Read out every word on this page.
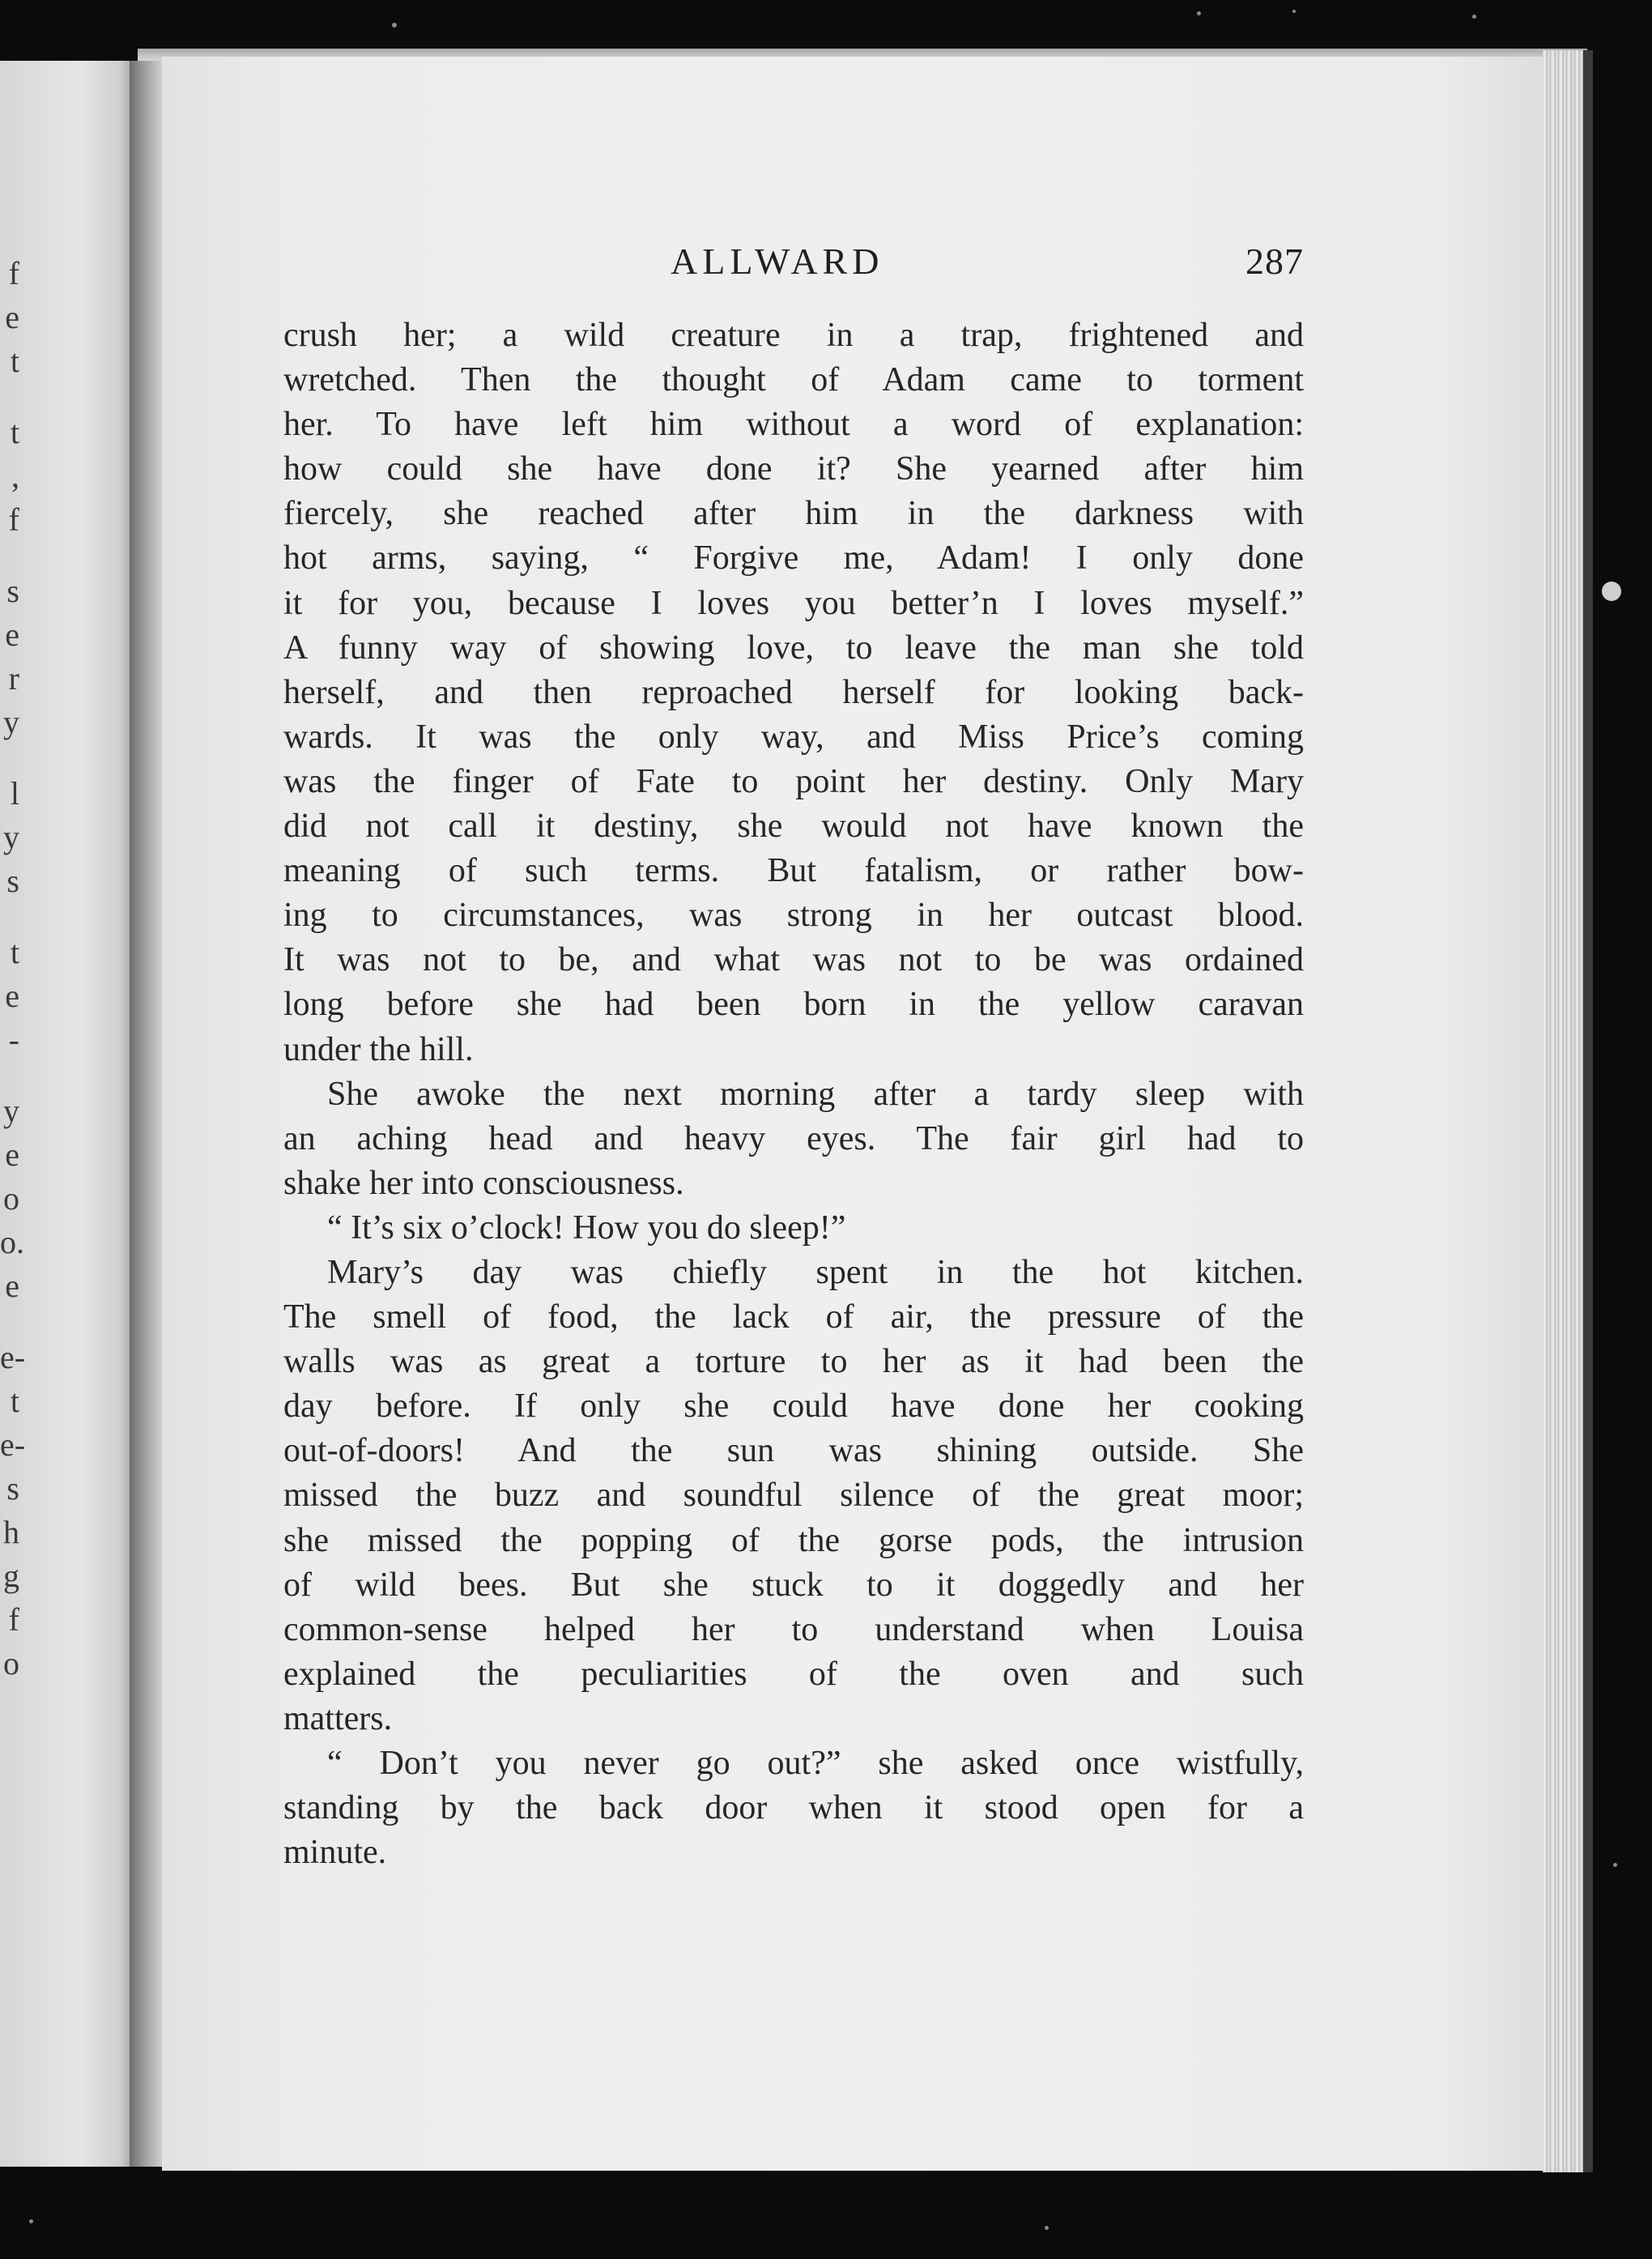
f
e
t
t
,
f
s
e
r
y
l
y
s
t
e
-
y
e
o
o.
e
e-
t
e-
s
h
g
f
o
ALLWARD	287
crush her; a wild creature in a trap, frightened and
wretched. Then the thought of Adam came to torment
her. To have left him without a word of explanation:
how could she have done it? She yearned after him
fiercely, she reached after him in the darkness with
hot arms, saying, “ Forgive me, Adam! I only done
it for you, because I loves you better’n I loves myself.”
A funny way of showing love, to leave the man she told
herself, and then reproached herself for looking back-
wards. It was the only way, and Miss Price’s coming
was the finger of Fate to point her destiny. Only Mary
did not call it destiny, she would not have known the
meaning of such terms. But fatalism, or rather bow-
ing to circumstances, was strong in her outcast blood.
It was not to be, and what was not to be was ordained
long before she had been born in the yellow caravan
under the hill.
She awoke the next morning after a tardy sleep with
an aching head and heavy eyes. The fair girl had to
shake her into consciousness.
“ It’s six o’clock! How you do sleep!”
Mary’s day was chiefly spent in the hot kitchen.
The smell of food, the lack of air, the pressure of the
walls was as great a torture to her as it had been the
day before. If only she could have done her cooking
out-of-doors! And the sun was shining outside. She
missed the buzz and soundful silence of the great moor;
she missed the popping of the gorse pods, the intrusion
of wild bees. But she stuck to it doggedly and her
common-sense helped her to understand when Louisa
explained the peculiarities of the oven and such
matters.
“ Don’t you never go out?” she asked once wistfully,
standing by the back door when it stood open for a
minute.
